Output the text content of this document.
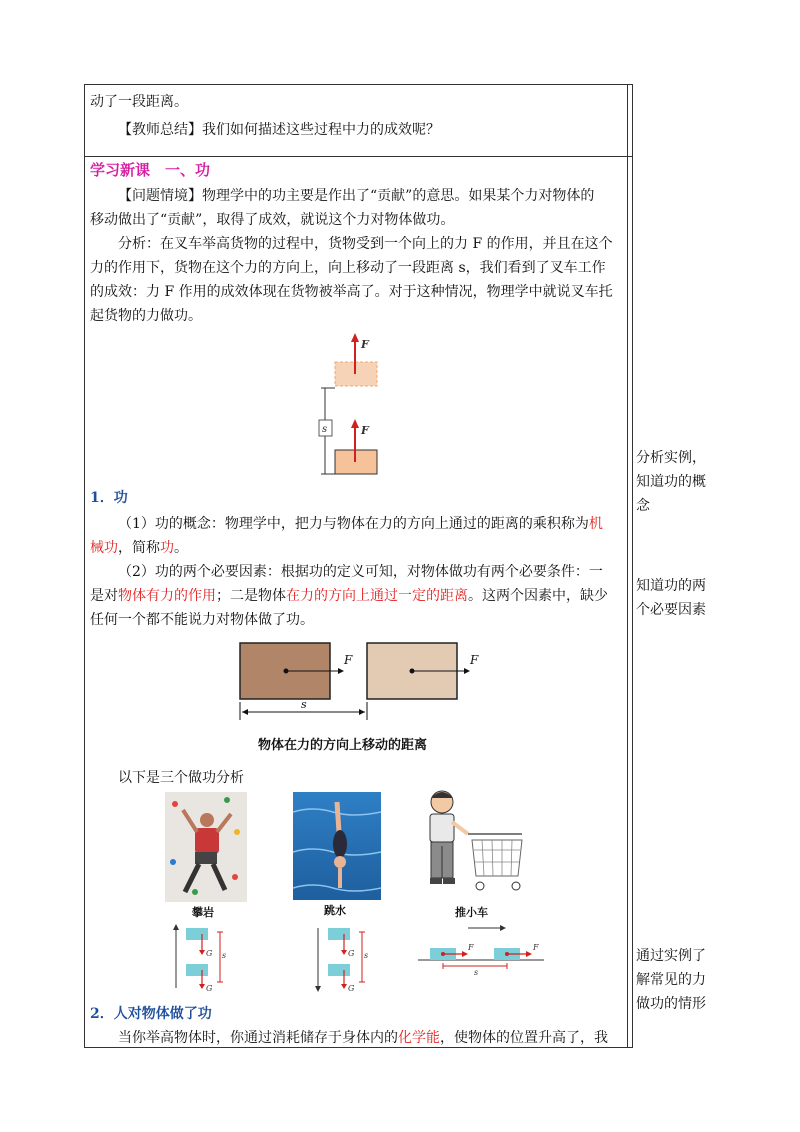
动了一段距离。
【教师总结】我们如何描述这些过程中力的成效呢？
学习新课　一、功
【问题情境】物理学中的功主要是作出了“贡献”的意思。如果某个力对物体的
移动做出了“贡献”，取得了成效，就说这个力对物体做功。
分析：在叉车举高货物的过程中，货物受到一个向上的力 F 的作用，并且在这个
力的作用下，货物在这个力的方向上，向上移动了一段距离 s，我们看到了叉车工作
的成效：力 F 作用的成效体现在货物被举高了。对于这种情况，物理学中就说叉车托
起货物的力做功。
F
F
s
1．功
（1）功的概念：物理学中，把力与物体在力的方向上通过的距离的乘积称为机
械功，简称功。
（2）功的两个必要因素：根据功的定义可知，对物体做功有两个必要条件：一
是对物体有力的作用；二是物体在力的方向上通过一定的距离。这两个因素中，缺少
任何一个都不能说力对物体做了功。
F	F
s
物体在力的方向上移动的距离
以下是三个做功分析
攀岩	跳水	推小车
G
G
s	G
G
s
F	F
s
2．人对物体做了功
当你举高物体时，你通过消耗储存于身体内的化学能，使物体的位置升高了，我
分析实例，
知道功的概
念
知道功的两
个必要因素
通过实例了
解常见的力
做功的情形
